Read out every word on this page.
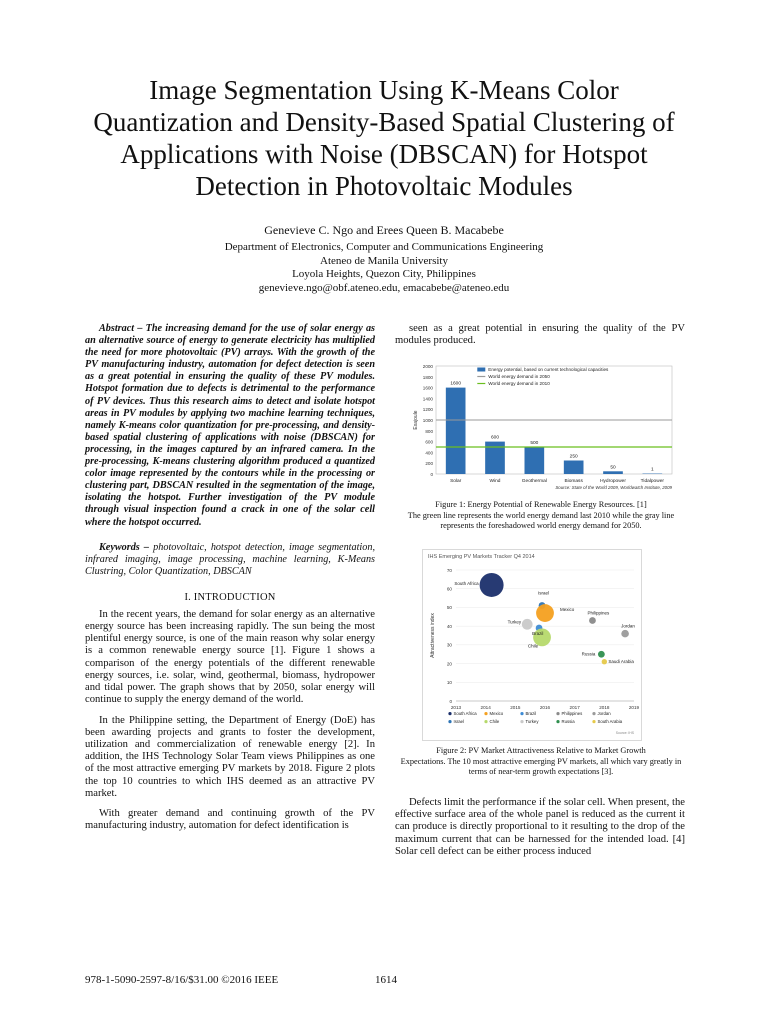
Image Segmentation Using K-Means Color Quantization and Density-Based Spatial Clustering of Applications with Noise (DBSCAN) for Hotspot Detection in Photovoltaic Modules
Genevieve C. Ngo and Erees Queen B. Macabebe
Department of Electronics, Computer and Communications Engineering
Ateneo de Manila University
Loyola Heights, Quezon City, Philippines
genevieve.ngo@obf.ateneo.edu, emacabebe@ateneo.edu

Abstract – The increasing demand for the use of solar energy as an alternative source of energy to generate electricity has multiplied the need for more photovoltaic (PV) arrays. With the growth of the PV manufacturing industry, automation for defect detection is seen as a great potential in ensuring the quality of these PV modules. Hotspot formation due to defects is detrimental to the performance of PV devices. Thus this research aims to detect and isolate hotspot areas in PV modules by applying two machine learning techniques, namely K-means color quantization for pre-processing, and density-based spatial clustering of applications with noise (DBSCAN) for processing, in the images captured by an infrared camera. In the pre-processing, K-means clustering algorithm produced a quantized color image represented by the contours while in the processing or clustering part, DBSCAN resulted in the segmentation of the image, isolating the hotspot. Further investigation of the PV module through visual inspection found a crack in one of the solar cell where the hotspot occurred.

Keywords – photovoltaic, hotspot detection, image segmentation, infrared imaging, image processing, machine learning, K-Means Clustring, Color Quantization, DBSCAN

I. INTRODUCTION

In the recent years, the demand for solar energy as an alternative energy source has been increasing rapidly. The sun being the most plentiful energy source, is one of the main reason why solar energy is a common renewable energy source [1]. Figure 1 shows a comparison of the energy potentials of the different renewable energy sources, i.e. solar, wind, geothermal, biomass, hydropower and tidal power. The graph shows that by 2050, solar energy will continue to supply the energy demand of the world.

In the Philippine setting, the Department of Energy (DoE) has been awarding projects and grants to foster the development, utilization and commercialization of renewable energy [2]. In addition, the IHS Technology Solar Team views Philippines as one of the most attractive emerging PV markets by 2018. Figure 2 plots the top 10 countries to which IHS deemed as an attractive PV market.

With greater demand and continuing growth of the PV manufacturing industry, automation for defect identification is

seen as a great potential in ensuring the quality of the PV modules produced.

0
200
400
600
800
1000
1200
1400
1600
1800
2000
Exajoule
1600
Solar
600
Wind
500
Geothermal
250
Biomass
50
Hydropower
1
Tidalpower
Energy potential, based on current technological capacities
World energy demand in 2050
World energy demand in 2010
Source: State of the World 2009, Worldwatch Institute, 2009
Figure 1: Energy Potential of Renewable Energy Resources. [1]
The green line represents the world energy demand last 2010 while the gray line represents the foreshadowed world energy demand for 2050.
IHS Emerging PV Markets Tracker Q4 2014
0
10
20
30
40
50
60
70
2013	2014	2015	2016	2017	2018	2019
Attractiveness index
South Africa
Israel
Mexico
Turkey
Brazil
Chile
Philippines
Jordan
Russia
Saudi Arabia
South Africa	Mexico	Brazil	Philippines	Jordan
Israel	Chile	Turkey	Russia	South Arabia
Source: IHS
Figure 2: PV Market Attractiveness Relative to Market Growth
Expectations. The 10 most attractive emerging PV markets, all which vary greatly in terms of near-term growth expectations [3].

Defects limit the performance if the solar cell. When present, the effective surface area of the whole panel is reduced as the current it can produce is directly proportional to it resulting to the drop of the maximum current that can be harnessed for the intended load. [4] Solar cell defect can be either process induced

978-1-5090-2597-8/16/$31.00 ©2016 IEEE	1614
